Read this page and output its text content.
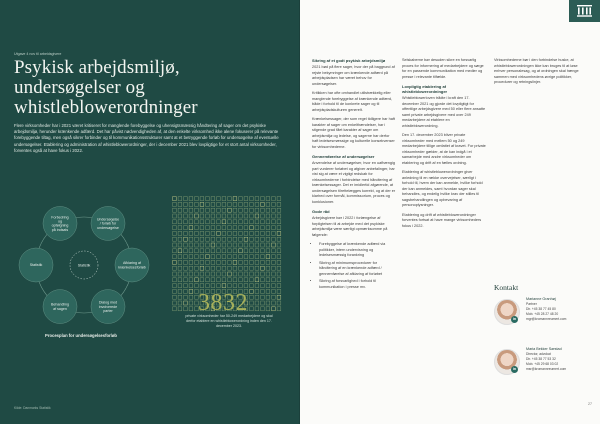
Utgave 4 nov til arbeidsgivere
Psykisk arbejdsmiljø, undersøgelser og whistleblowerordninger
Flere virksomheder har i 2021 været kritiseret for manglende forebyggelse og uhensigtsmæssig håndtering af sager om det psykiske arbejdsmiljø, herunder krænkende adfærd. Det har påvist nødvendigheden af, at den enkelte virksomhed ikke alene fokuserer på relevante forebyggende tiltag, men også sikrer forbinder og til kommunikationsstrukturer samt at et betryggende forløb for undersøgelse af eventuelle undersøgelser. Etablering og administration af whistleblowerordninger, der i december 2021 blev lovpligtige for et stort antal virksomheder, forventes også at have fokus i 2022.
Forbedring og opfølgning på indsats
Undersøgelse / forløb for undersøgelse
Afklaring af krænkelsesforløb
Dialog med involverede parter
Behandling af sagen
Statistik	Statistik
Procesplan for undersøgelsesforløb
3832
private virksomheder har 50-249 medarbejdere og skal derfor etablere en whistleblowerordning inden den 17. december 2023.
Kilde: Danmarks Statistik
Sikring af et godt psykisk arbejdsmiljø

2021 bød på flere sager, hvor der på baggrund af rejste bekymringer om krænkende adfærd på arbejdspladsen har været behov for undersøgelser.

Kritikken har ofte omhandlet utilstrækkelig eller manglende forebyggelse af krænkende adfærd, både i forhold til de konkrete sager og til arbejdspladskulturen generelt.

Krænkelsessager, der som regel tidligere har haft karakter af sager om enkelthændelser, har i stigende grad fået karakter af sager om arbejdsmiljø og ledelse, og sagerne har derfor haft ledelsesmæssige og kulturelle konsekvenser for virksomhederne.

Gennemførelse af undersøgelser

Anvendelse af undersøgelser, hvor en uafhængig part vurderer forløbet og afgiver anbefalinger, har vist sig at være et vigtigt redskab for virksomhederne i forbindelse med håndtering af krænkelsessager. Det er imidlertid afgørende, at undersøgelsen tilrettelægges korrekt, og at der er klarhed over formål, kommissorium, proces og konklusioner.

Gode råd

Arbejdsgivere bør i 2022 i forlængelse af forpligtelsen til at arbejde med det psykiske arbejdsmiljø være særligt opmærksomme på følgende:

• Forebyggelse af krænkende adfærd via politikker, intern undervisning og ledelsesmæssig forankring
• Sikring af minimumsprocedurer for håndtering af en krænkende adfærd / gennemførelse af afklaring af forløbet
• Sikring af forsvarlighed i forhold til kommunikation i presse mv.

Selskaberne bør desuden sikre en forsvarlig proces for informering af medarbejdere og sørge for en passende kommunikation med medier og presse i relevante tilfælde.

Lovpligtig etablering af whistleblowerordninger

Whistleblowerloven trådte i kraft den 17. december 2021 og gjorde det lovpligtigt for offentlige arbejdsgivere med 50 eller flere ansatte samt private arbejdsgivere med over 249 medarbejdere at etablere en whistleblowerordning.

Den 17. december 2023 bliver private virksomheder med mellem 50 og 249 medarbejdere tillige omfattet af kravet. For private virksomheder gælder, at de kan indgå i et samarbejde med andre virksomheder om etablering og drift af en fælles ordning.

Etablering af whistleblowerordninger giver anledning til en række overvejelser, særligt i forhold til, hvem der kan anmelde, hvilke forhold der kan anmeldes, samt hvordan sager skal behandles, og endelig hvilke krav der stilles til sagsbehandlingen og opbevaring af personoplysninger.

Etablering og drift af whistleblowerordninger forventes fortsat at have mange virksomheders fokus i 2022.

Virksomhederne bør i den forbindelse huske, at whistleblowerordningen ikke kan bruges til at løse enhver personalesag, og at ordningen skal hænge sammen med virksomhedens øvrige politikker, procedurer og retningslinjer.

Kontakt
in
Marianne Granhøj
Partner
Dir. +45 38 77 45 80
Mob. +45 28 27 48 20
mgr@kromannreumert.com
in
Maria Bekker Sørstad
Director, advokat
Dir. +45 38 77 53 32
Mob. +45 29 68 03 02
msr@kromannreumert.com
27
